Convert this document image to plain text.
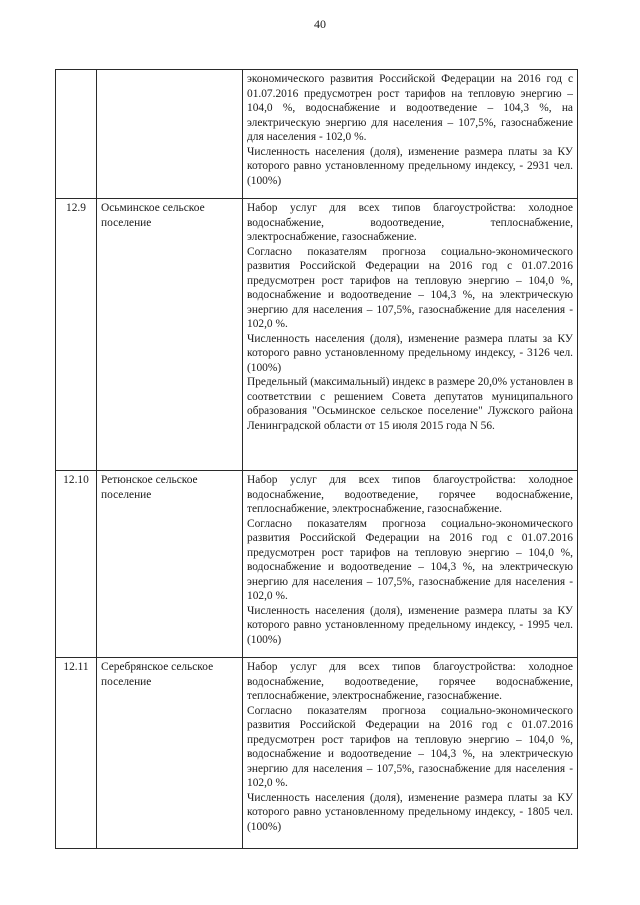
40

		экономического развития Российской Федерации на 2016 год с 01.07.2016 предусмотрен рост тарифов на тепловую энергию – 104,0 %, водоснабжение и водоотведение – 104,3 %, на электрическую энергию для населения – 107,5%, газоснабжение для населения - 102,0 %.

Численность населения (доля), изменение размера платы за КУ которого равно установленному предельному индексу, - 2931 чел. (100%)

12.9	Осьминское сельское поселение	Набор услуг для всех типов благоустройства: холодное водоснабжение, водоотведение, теплоснабжение, электроснабжение, газоснабжение.

Согласно показателям прогноза социально-экономического развития Российской Федерации на 2016 год с 01.07.2016 предусмотрен рост тарифов на тепловую энергию – 104,0 %, водоснабжение и водоотведение – 104,3 %, на электрическую энергию для населения – 107,5%, газоснабжение для населения - 102,0 %.

Численность населения (доля), изменение размера платы за КУ которого равно установленному предельному индексу, - 3126 чел. (100%)

Предельный (максимальный) индекс в размере 20,0% установлен в соответствии с решением Совета депутатов муниципального образования "Осьминское сельское поселение" Лужского района Ленинградской области от 15 июля 2015 года N 56.

12.10	Ретюнское сельское поселение	Набор услуг для всех типов благоустройства: холодное водоснабжение, водоотведение, горячее водоснабжение, теплоснабжение, электроснабжение, газоснабжение.

Согласно показателям прогноза социально-экономического развития Российской Федерации на 2016 год с 01.07.2016 предусмотрен рост тарифов на тепловую энергию – 104,0 %, водоснабжение и водоотведение – 104,3 %, на электрическую энергию для населения – 107,5%, газоснабжение для населения - 102,0 %.

Численность населения (доля), изменение размера платы за КУ которого равно установленному предельному индексу, - 1995 чел. (100%)

12.11	Серебрянское сельское поселение	Набор услуг для всех типов благоустройства: холодное водоснабжение, водоотведение, горячее водоснабжение, теплоснабжение, электроснабжение, газоснабжение.

Согласно показателям прогноза социально-экономического развития Российской Федерации на 2016 год с 01.07.2016 предусмотрен рост тарифов на тепловую энергию – 104,0 %, водоснабжение и водоотведение – 104,3 %, на электрическую энергию для населения – 107,5%, газоснабжение для населения - 102,0 %.

Численность населения (доля), изменение размера платы за КУ которого равно установленному предельному индексу, - 1805 чел. (100%)
